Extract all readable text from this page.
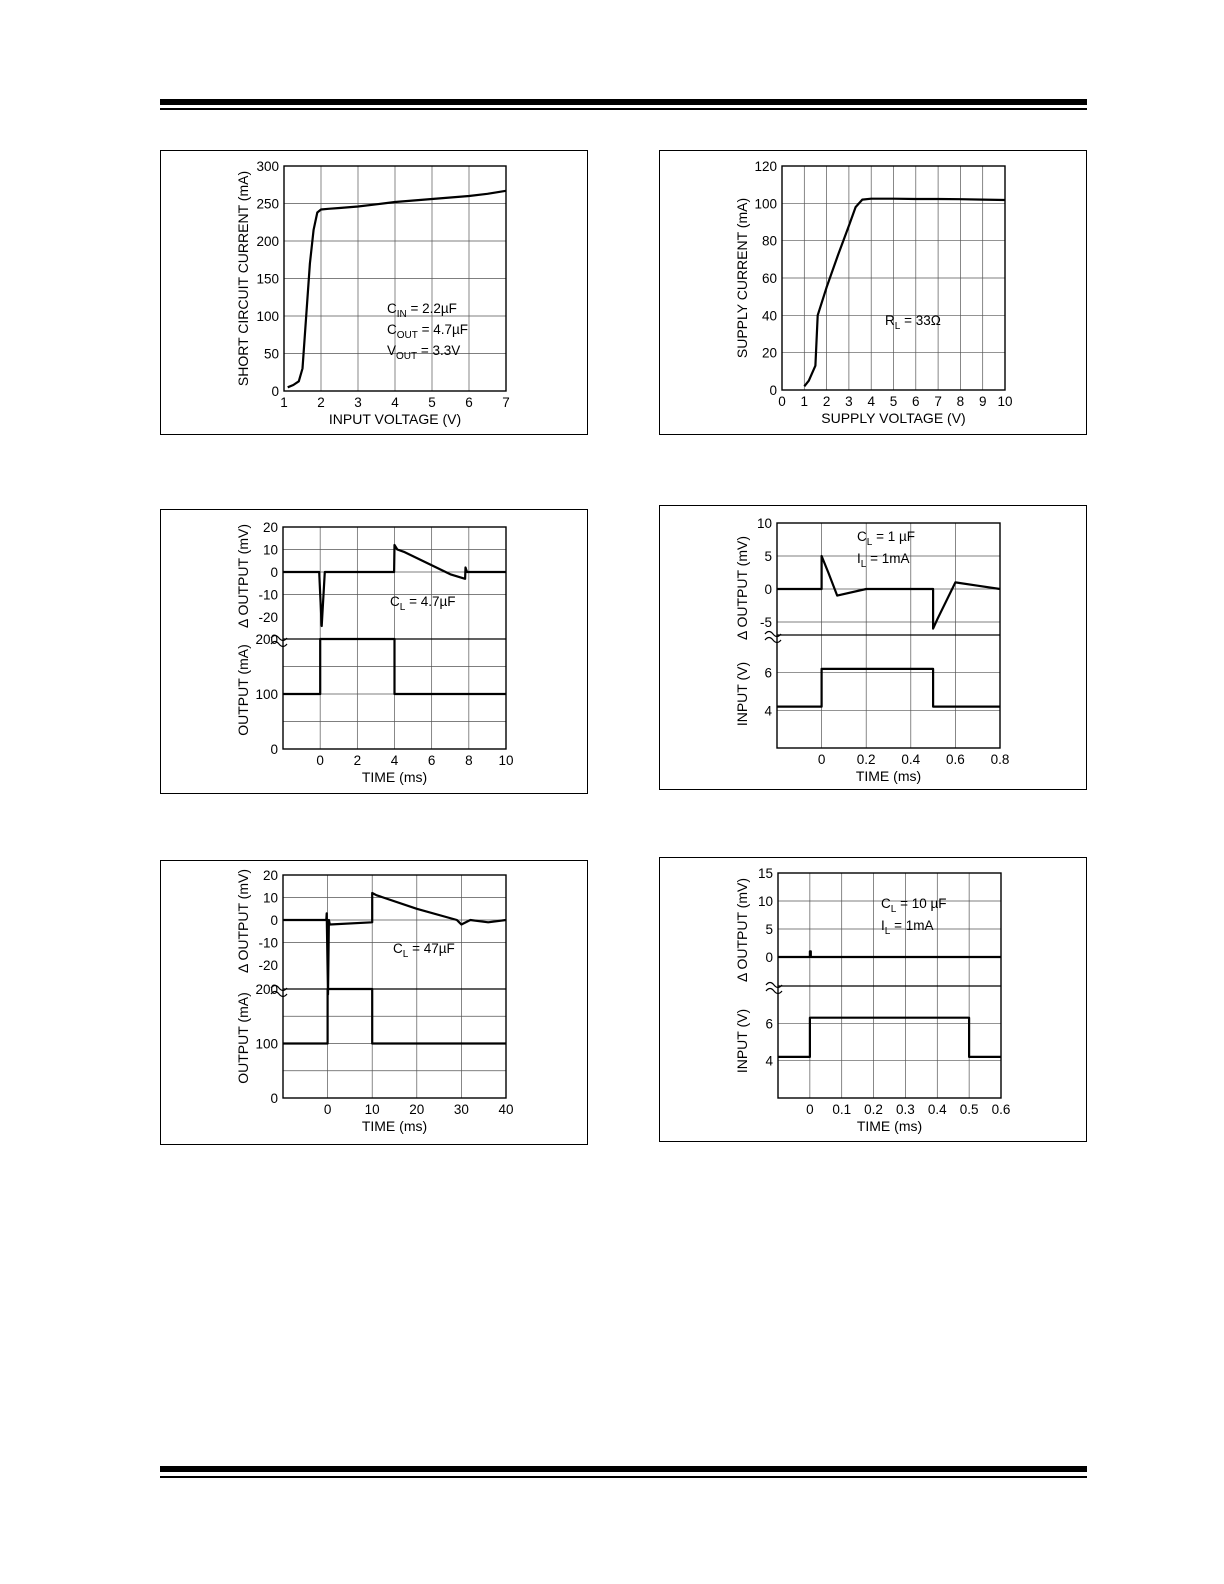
1 2 3 4 5 6 7
0
50
100
150
200
250
300
INPUT VOLTAGE (V)
SHORT CIRCUIT CURRENT (mA)	$C_{IN} = 2.2\mu F$
$C_{OUT} = 4.7\mu F$
$V_{OUT} = 3.3V$
0 1 2 3 4 5 6 7 8 9 10
0
20
40
60
80
100
120
SUPPLY VOLTAGE (V)
SUPPLY CURRENT (mA)	$R_L = 33\Omega$
0 2 4 6 8 10
20
10
0
-10
-20
200
100
0
TIME (ms)
Δ OUTPUT (mV)
OUTPUT (mA)
$C_L = 4.7\mu F$
0 0.2 0.4 0.6 0.8
10
5
0
-5
6
4
TIME (ms)
Δ OUTPUT (mV)
INPUT (V)
$C_L = 1$ µF
$I_L = 1mA$
0 10 20 30 40
20
10
0
-10
-20
200
100
0
TIME (ms)
Δ OUTPUT (mV)
OUTPUT (mA)
$C_L = 47\mu F$
0 0.1 0.2 0.3 0.4 0.5 0.6
15
10
5
0
6
4
TIME (ms)
Δ OUTPUT (mV)
INPUT (V)
$C_L = 10$ µF
$I_L = 1mA$
